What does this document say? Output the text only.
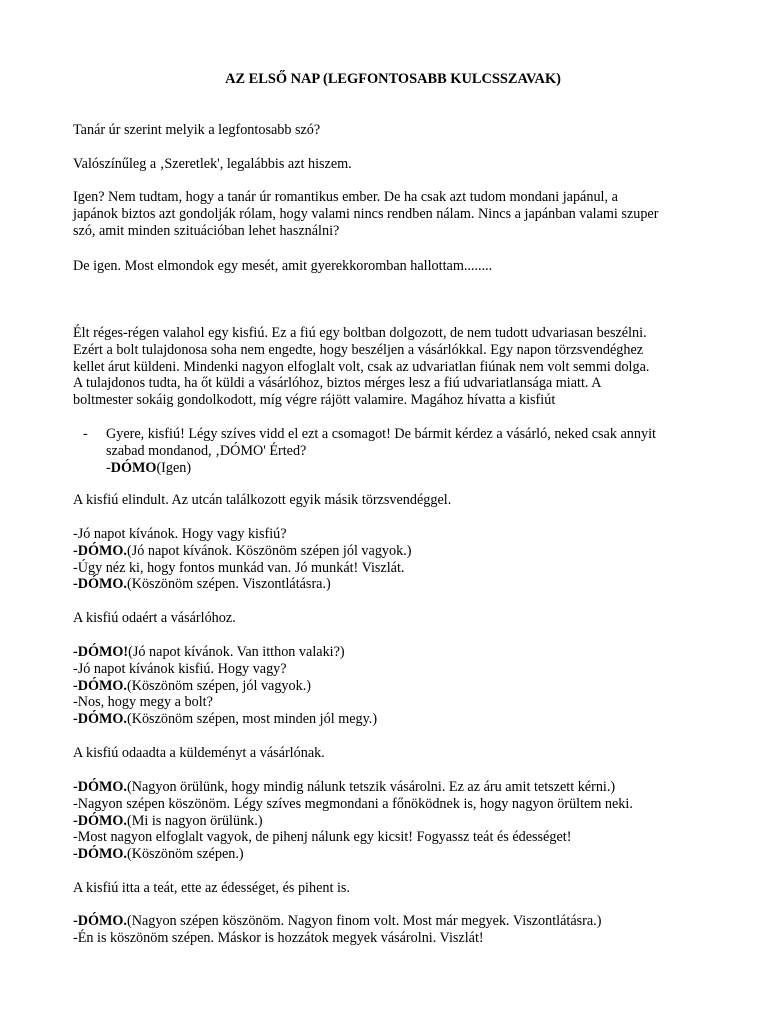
AZ ELSŐ NAP (LEGFONTOSABB KULCSSZAVAK)
Tanár úr szerint melyik a legfontosabb szó?
Valószínűleg a ‚Szeretlek', legalábbis azt hiszem.
Igen? Nem tudtam, hogy a tanár úr romantikus ember. De ha csak azt tudom mondani japánul, a
japánok biztos azt gondolják rólam, hogy valami nincs rendben nálam. Nincs a japánban valami szuper
szó, amit minden szituációban lehet használni?
De igen. Most elmondok egy mesét, amit gyerekkoromban hallottam........
Élt réges-régen valahol egy kisfiú. Ez a fiú egy boltban dolgozott, de nem tudott udvariasan beszélni.
Ezért a bolt tulajdonosa soha nem engedte, hogy beszéljen a vásárlókkal. Egy napon törzsvendéghez
kellet árut küldeni. Mindenki nagyon elfoglalt volt, csak az udvariatlan fiúnak nem volt semmi dolga.
A tulajdonos tudta, ha őt küldi a vásárlóhoz, biztos mérges lesz a fiú udvariatlansága miatt. A
boltmester sokáig gondolkodott, míg végre rájött valamire. Magához hívatta a kisfiút
- Gyere, kisfiú! Légy szíves vidd el ezt a csomagot! De bármit kérdez a vásárló, neked csak annyit
szabad mondanod, ‚DÓMO' Érted?
-DÓMO(Igen)
A kisfiú elindult. Az utcán találkozott egyik másik törzsvendéggel.
-Jó napot kívánok. Hogy vagy kisfiú?
-DÓMO.(Jó napot kívánok. Köszönöm szépen jól vagyok.)
-Úgy néz ki, hogy fontos munkád van. Jó munkát! Viszlát.
-DÓMO.(Köszönöm szépen. Viszontlátásra.)
A kisfiú odaért a vásárlóhoz.
-DÓMO!(Jó napot kívánok. Van itthon valaki?)
-Jó napot kívánok kisfiú. Hogy vagy?
-DÓMO.(Köszönöm szépen, jól vagyok.)
-Nos, hogy megy a bolt?
-DÓMO.(Köszönöm szépen, most minden jól megy.)
A kisfiú odaadta a küldeményt a vásárlónak.
-DÓMO.(Nagyon örülünk, hogy mindig nálunk tetszik vásárolni. Ez az áru amit tetszett kérni.)
-Nagyon szépen köszönöm. Légy szíves megmondani a főnöködnek is, hogy nagyon örültem neki.
-DÓMO.(Mi is nagyon örülünk.)
-Most nagyon elfoglalt vagyok, de pihenj nálunk egy kicsit! Fogyassz teát és édességet!
-DÓMO.(Köszönöm szépen.)
A kisfiú itta a teát, ette az édességet, és pihent is.
-DÓMO.(Nagyon szépen köszönöm. Nagyon finom volt. Most már megyek. Viszontlátásra.)
-Én is köszönöm szépen. Máskor is hozzátok megyek vásárolni. Viszlát!
